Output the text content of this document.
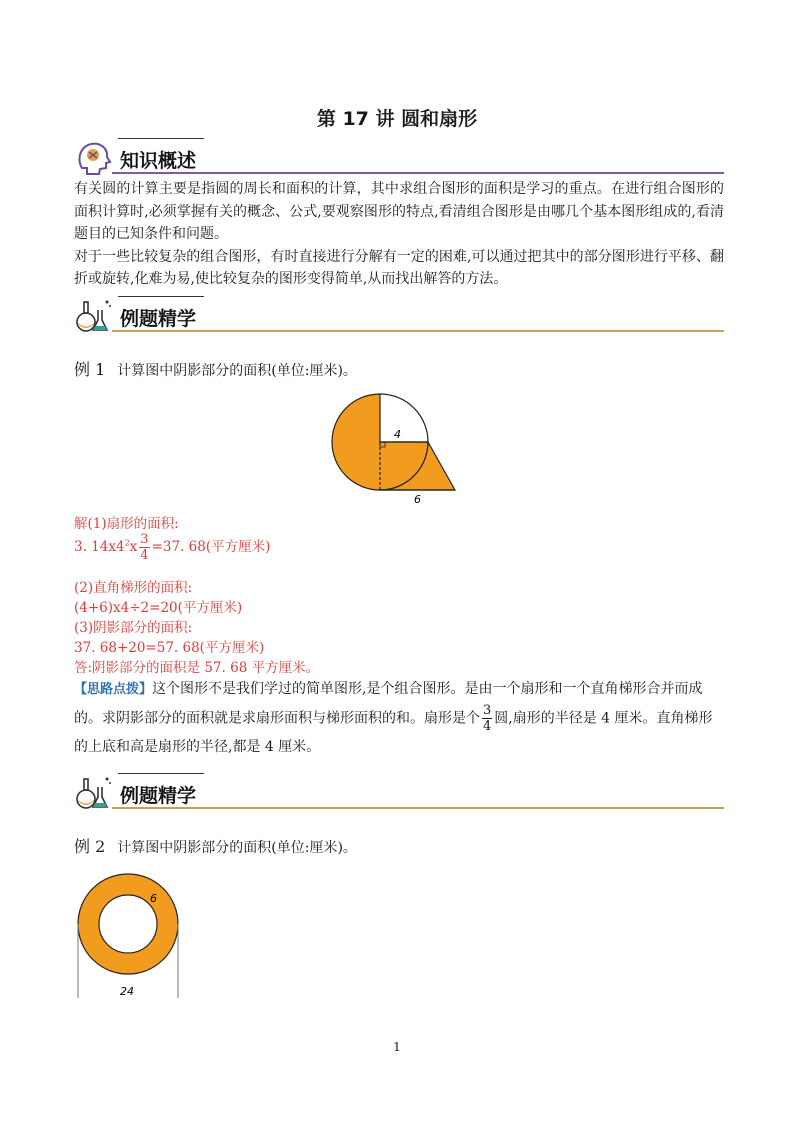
第 17 讲 圆和扇形
知识概述

有关圆的计算主要是指圆的周长和面积的计算，其中求组合图形的面积是学习的重点。在进行组合图形的面积计算时,必须掌握有关的概念、公式,要观察图形的特点,看清组合图形是由哪几个基本图形组成的,看清题目的已知条件和问题。

对于一些比较复杂的组合图形，有时直接进行分解有一定的困难,可以通过把其中的部分图形进行平移、翻折或旋转,化难为易,使比较复杂的图形变得简单,从而找出解答的方法。

例题精学
例 1 计算图中阴影部分的面积(单位:厘米)。
4
6
解(1)扇形的面积:
3. $14x4^2x \frac{3}{4} =37$. 68(平方厘米)
(2)直角梯形的面积:
(4+6)x4÷2=20(平方厘米)
(3)阴影部分的面积:
37. 68+20=57. 68(平方厘米)
答:阴影部分的面积是 57. 68 平方厘米。
【思路点拨】这个图形不是我们学过的简单图形,是个组合图形。是由一个扇形和一个直角梯形合并而成的。求阴影部分的面积就是求扇形面积与梯形面积的和。扇形是个 $\frac{3}{4}$ 圆,扇形的半径是 4 厘米。直角梯形的上底和高是扇形的半径,都是 4 厘米。
例题精学
例 2 计算图中阴影部分的面积(单位:厘米)。
6
24
1
